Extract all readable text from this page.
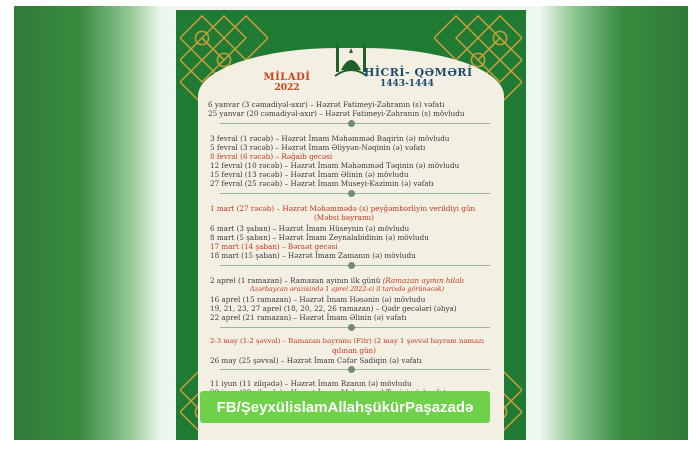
MİLADİ
2022
HİCRİ- QƏMƏRİ
1443-1444
6 yanvar (3 cəmadiyəl-axır) – Həzrət Fatimeyi-Zəhranın (s) vəfatı
25 yanvar (20 cəmadiyəl-axır) – Həzrət Fatimeyi-Zəhranın (s) mövludu
3 fevral (1 rəcəb) – Həzrət İmam Məhəmməd Baqirin (ə) mövludu
5 fevral (3 rəcəb) – Həzrət İmam Əliyyən-Nəqinin (ə) vəfatı
8 fevral (6 rəcəb) – Rəğaib gecəsi
12 fevral (10 rəcəb) – Həzrət İmam Məhəmməd Təqinin (ə) mövludu
15 fevral (13 rəcəb) – Həzrət İmam Əlinin (ə) mövludu
27 fevral (25 rəcəb) – Həzrət İmam Museyi-Kazimin (ə) vəfatı
1 mart (27 rəcəb) – Həzrət Məhəmmədə (s) peyğəmbərliyin verildiyi gün
(Məbsi bayramı)
6 mart (3 şaban) – Həzrət İmam Hüseynin (ə) mövludu
8 mart (5 şaban) – Həzrət İmam Zeynalabidinin (ə) mövludu
17 mart (14 şaban) – Bəraət gecəsi
18 mart (15 şaban) – Həzrət İmam Zamanın (ə) mövludu
2 aprel (1 ramazan) – Ramazan ayının ilk günü (Ramazan ayının hilalı
Azərbaycan ərazisində 1 aprel 2022-ci il tarixdə görünəcək)
16 aprel (15 ramazan) – Həzrət İmam Həsənin (ə) mövludu
19, 21, 23, 27 aprel (18, 20, 22, 26 ramazan) – Qədr gecələri (əhya)
22 aprel (21 ramazan) – Həzrət İmam Əlinin (ə) vəfatı
2-3 may (1-2 şəvval) – Ramazan bayramı (Fitr) (2 may 1 şəvvəl bayram namazı
qılınan gün)
26 may (25 şəvval) – Həzrət İmam Cəfər Sadiqin (ə) vəfatı
11 iyun (11 zilqədə) – Həzrət İmam Rzanın (ə) mövludu
FB/ŞeyxülislamAllahşükürPaşazadə
